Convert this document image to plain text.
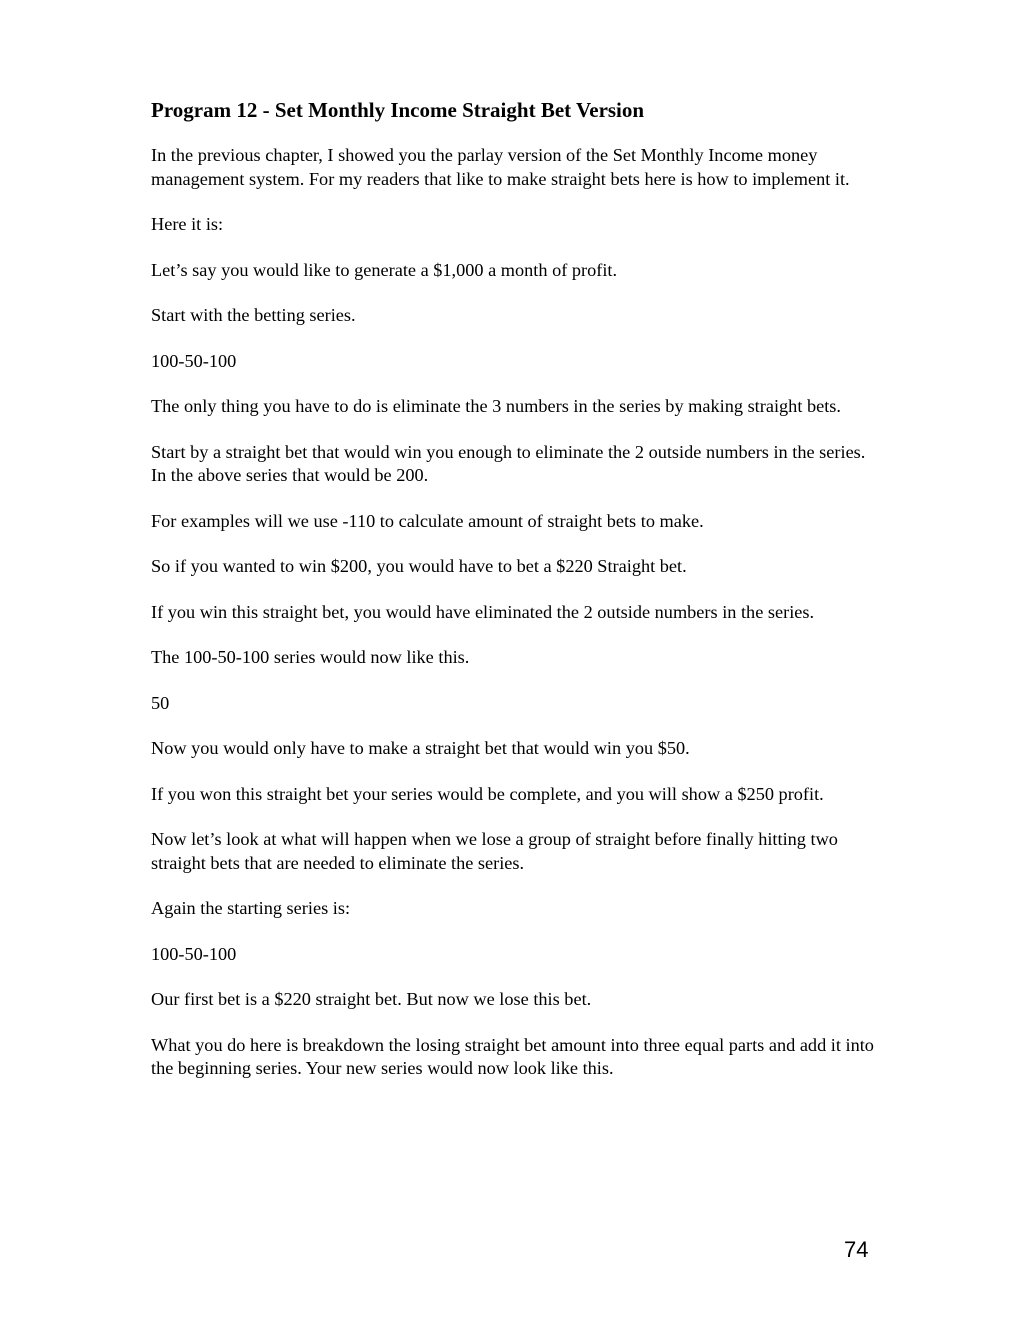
Program 12 - Set Monthly Income Straight Bet Version

In the previous chapter, I showed you the parlay version of the Set Monthly Income money management system. For my readers that like to make straight bets here is how to implement it.

Here it is:

Let’s say you would like to generate a $1,000 a month of profit.

Start with the betting series.

100-50-100

The only thing you have to do is eliminate the 3 numbers in the series by making straight bets.

Start by a straight bet that would win you enough to eliminate the 2 outside numbers in the series. In the above series that would be 200.

For examples will we use -110 to calculate amount of straight bets to make.

So if you wanted to win $200, you would have to bet a $220 Straight bet.

If you win this straight bet, you would have eliminated the 2 outside numbers in the series.

The 100-50-100 series would now like this.

50

Now you would only have to make a straight bet that would win you $50.

If you won this straight bet your series would be complete, and you will show a $250 profit.

Now let’s look at what will happen when we lose a group of straight before finally hitting two straight bets that are needed to eliminate the series.

Again the starting series is:

100-50-100

Our first bet is a $220 straight bet. But now we lose this bet.

What you do here is breakdown the losing straight bet amount into three equal parts and add it into the beginning series. Your new series would now look like this.

74
